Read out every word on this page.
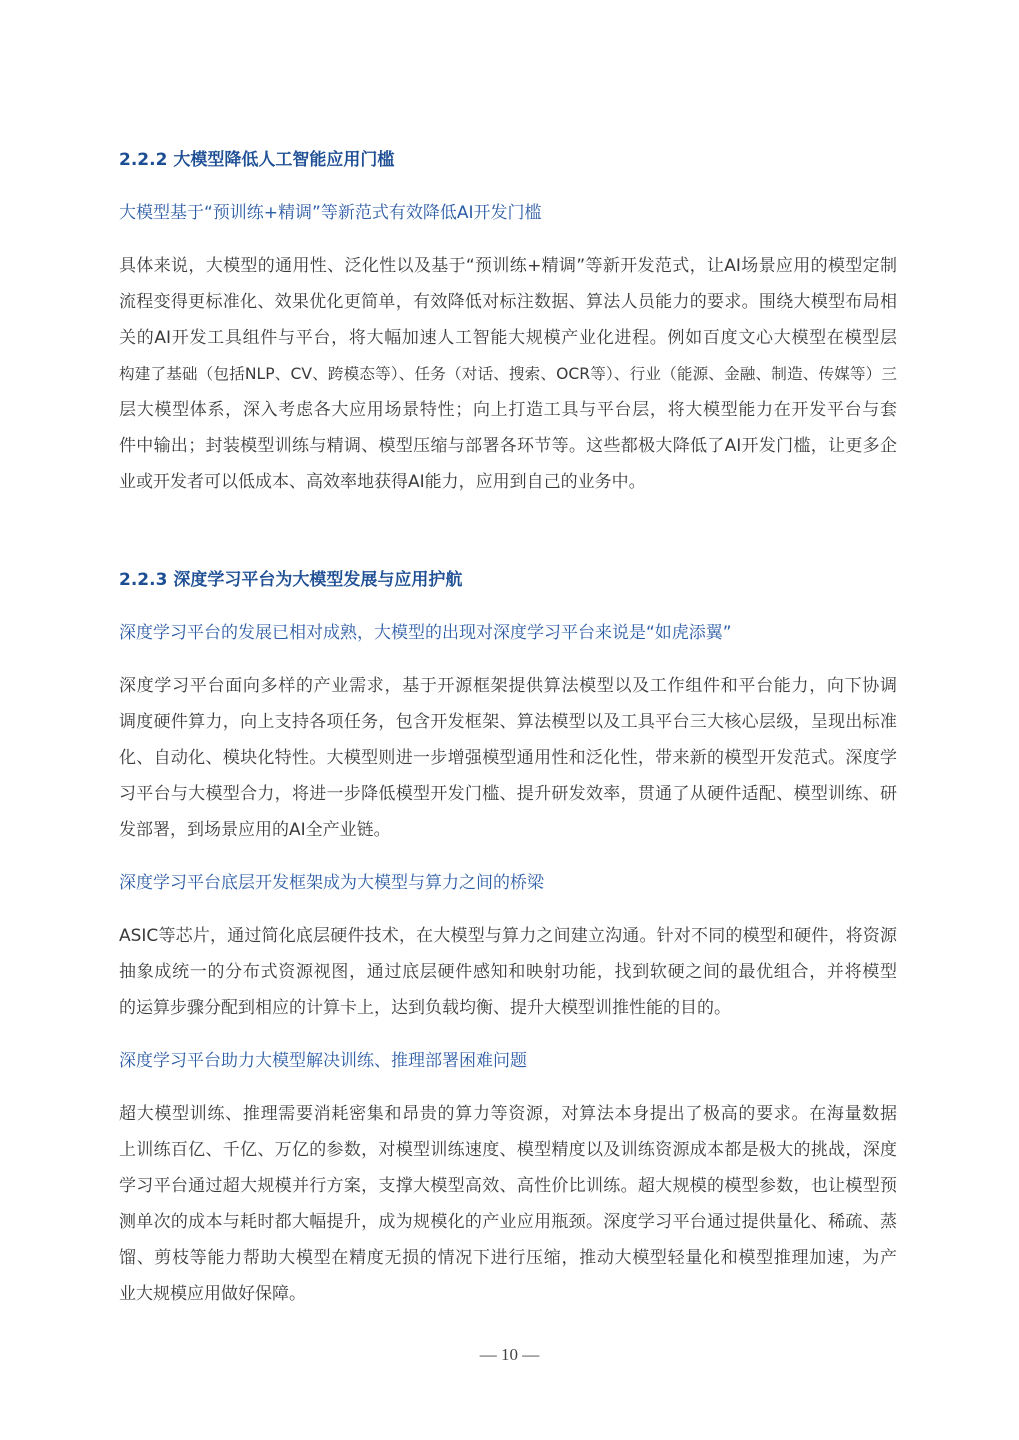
2.2.2 大模型降低人工智能应用门槛
大模型基于“预训练+精调”等新范式有效降低AI开发门槛
具体来说，大模型的通用性、泛化性以及基于“预训练+精调”等新开发范式，让AI场景应用的模型定制
流程变得更标准化、效果优化更简单，有效降低对标注数据、算法人员能力的要求。围绕大模型布局相
关的AI开发工具组件与平台，将大幅加速人工智能大规模产业化进程。例如百度文心大模型在模型层
构建了基础（包括NLP、CV、跨模态等）、任务（对话、搜索、OCR等）、行业（能源、金融、制造、传媒等）三
层大模型体系，深入考虑各大应用场景特性；向上打造工具与平台层，将大模型能力在开发平台与套
件中输出；封装模型训练与精调、模型压缩与部署各环节等。这些都极大降低了AI开发门槛，让更多企
业或开发者可以低成本、高效率地获得AI能力，应用到自己的业务中。
2.2.3 深度学习平台为大模型发展与应用护航
深度学习平台的发展已相对成熟，大模型的出现对深度学习平台来说是“如虎添翼”
深度学习平台面向多样的产业需求，基于开源框架提供算法模型以及工作组件和平台能力，向下协调
调度硬件算力，向上支持各项任务，包含开发框架、算法模型以及工具平台三大核心层级，呈现出标准
化、自动化、模块化特性。大模型则进一步增强模型通用性和泛化性，带来新的模型开发范式。深度学
习平台与大模型合力，将进一步降低模型开发门槛、提升研发效率，贯通了从硬件适配、模型训练、研
发部署，到场景应用的AI全产业链。
深度学习平台底层开发框架成为大模型与算力之间的桥梁
ASIC等芯片，通过简化底层硬件技术，在大模型与算力之间建立沟通。针对不同的模型和硬件，将资源
抽象成统一的分布式资源视图，通过底层硬件感知和映射功能，找到软硬之间的最优组合，并将模型
的运算步骤分配到相应的计算卡上，达到负载均衡、提升大模型训推性能的目的。
深度学习平台助力大模型解决训练、推理部署困难问题
超大模型训练、推理需要消耗密集和昂贵的算力等资源，对算法本身提出了极高的要求。在海量数据
上训练百亿、千亿、万亿的参数，对模型训练速度、模型精度以及训练资源成本都是极大的挑战，深度
学习平台通过超大规模并行方案，支撑大模型高效、高性价比训练。超大规模的模型参数，也让模型预
测单次的成本与耗时都大幅提升，成为规模化的产业应用瓶颈。深度学习平台通过提供量化、稀疏、蒸
馏、剪枝等能力帮助大模型在精度无损的情况下进行压缩，推动大模型轻量化和模型推理加速，为产
业大规模应用做好保障。
— 10 —
